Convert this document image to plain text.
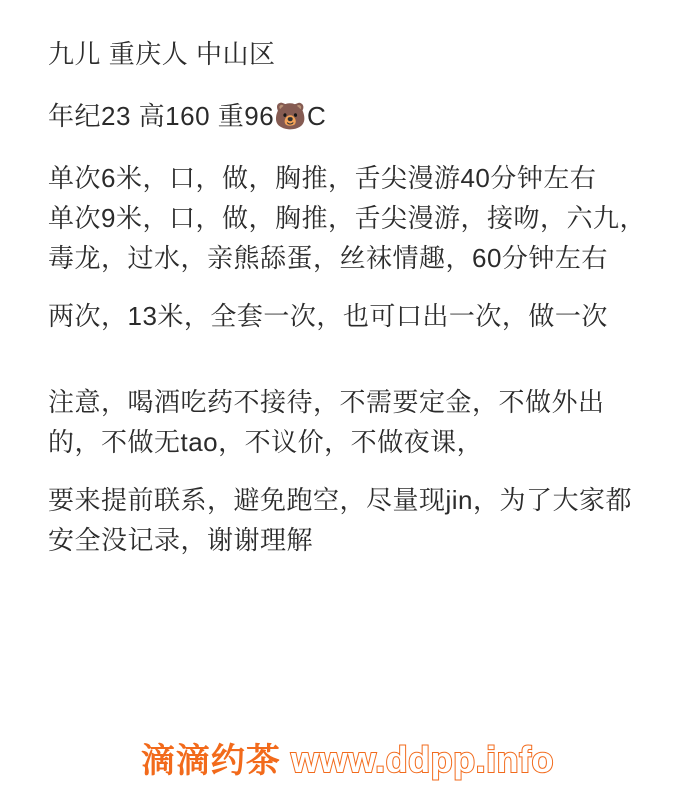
九儿 重庆人 中山区
年纪23 高160 重96🐻C
单次6米，口，做，胸推，舌尖漫游40分钟左右
单次9米，口，做，胸推，舌尖漫游，接吻，六九，毒龙，过水，亲熊舔蛋，丝袜情趣，60分钟左右
两次，13米，全套一次，也可口出一次，做一次
注意，喝酒吃药不接待，不需要定金，不做外出的，不做无tao，不议价，不做夜课，
要来提前联系，避免跑空，尽量现jin，为了大家都安全没记录，谢谢理解
滴滴约茶 www.ddpp.info
